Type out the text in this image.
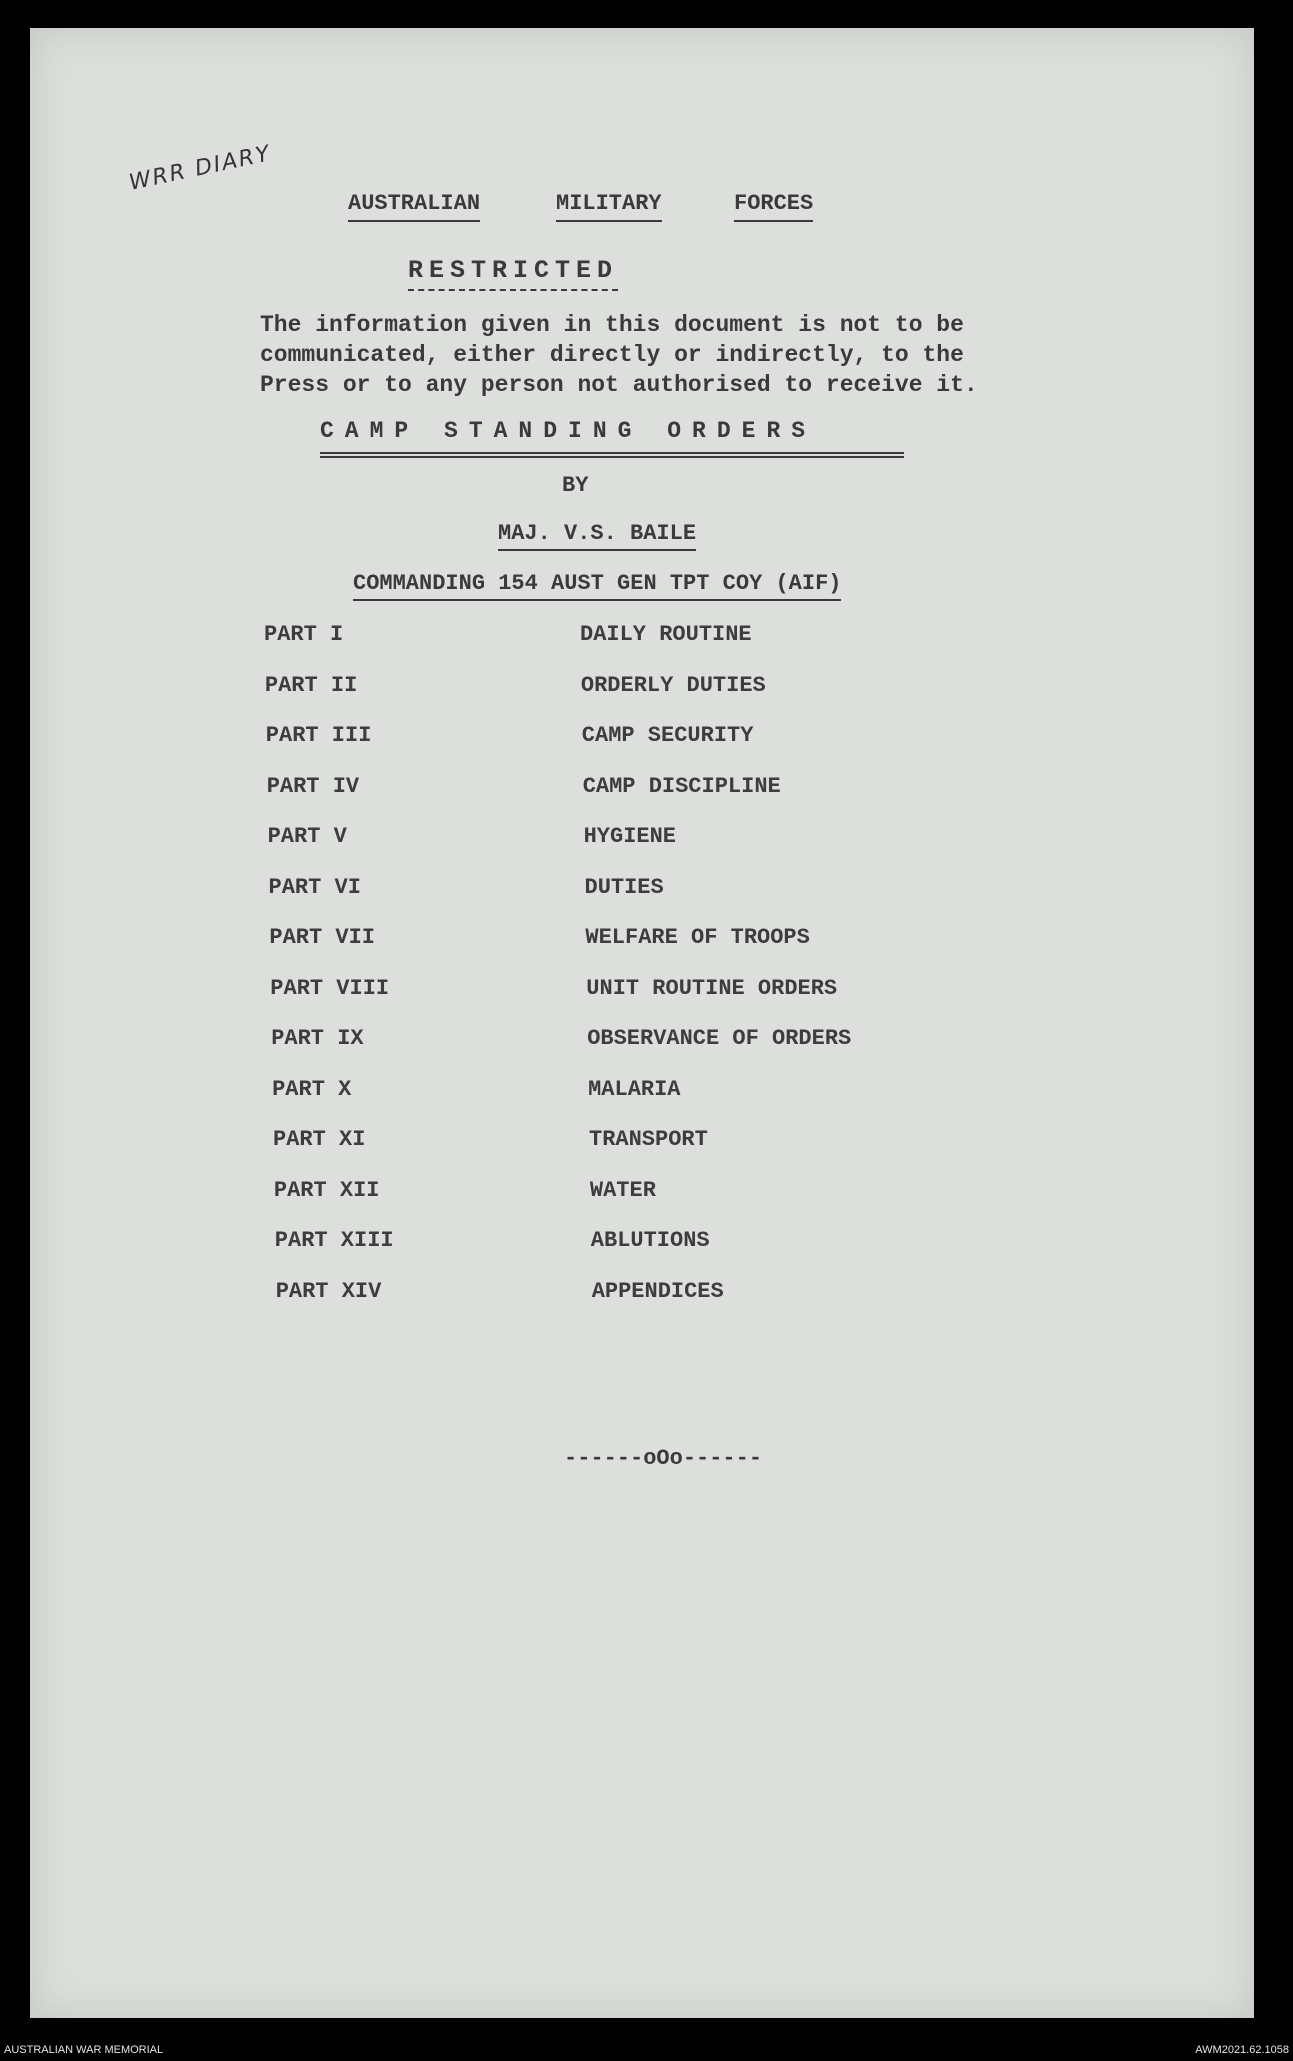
WRR DIARY
AUSTRALIAN	MILITARY	FORCES
RESTRICTED
The information given in this document is not to be
communicated, either directly or indirectly, to the
Press or to any person not authorised to receive it.
CAMP STANDING ORDERS
BY
MAJ. V.S. BAILE
COMMANDING 154 AUST GEN TPT COY (AIF)
PART I	DAILY ROUTINE
PART II	ORDERLY DUTIES
PART III	CAMP SECURITY
PART IV	CAMP DISCIPLINE
PART V	HYGIENE
PART VI	DUTIES
PART VII	WELFARE OF TROOPS
PART VIII	UNIT ROUTINE ORDERS
PART IX	OBSERVANCE OF ORDERS
PART X	MALARIA
PART XI	TRANSPORT
PART XII	WATER
PART XIII	ABLUTIONS
PART XIV	APPENDICES
------oOo------
AUSTRALIAN WAR MEMORIAL	AWM2021.62.1058
